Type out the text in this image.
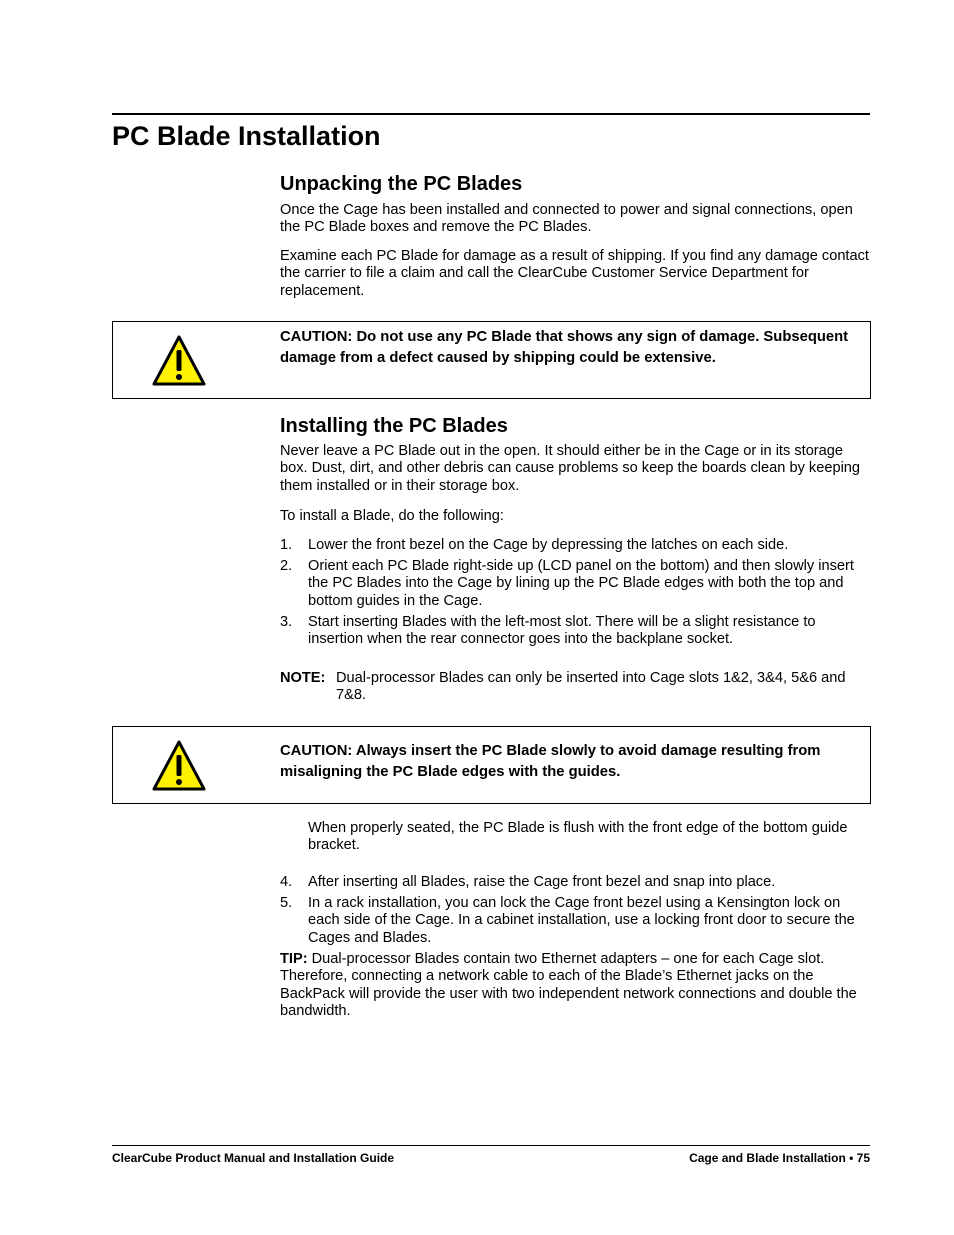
PC Blade Installation
Unpacking the PC Blades

Once the Cage has been installed and connected to power and signal connections, open the PC Blade boxes and remove the PC Blades.

Examine each PC Blade for damage as a result of shipping. If you find any damage contact the carrier to file a claim and call the ClearCube Customer Service Department for replacement.

CAUTION: Do not use any PC Blade that shows any sign of damage. Subsequent damage from a defect caused by shipping could be extensive.

Installing the PC Blades

Never leave a PC Blade out in the open. It should either be in the Cage or in its storage box. Dust, dirt, and other debris can cause problems so keep the boards clean by keeping them installed or in their storage box.

To install a Blade, do the following:

1. Lower the front bezel on the Cage by depressing the latches on each side.
2. Orient each PC Blade right-side up (LCD panel on the bottom) and then slowly insert the PC Blades into the Cage by lining up the PC Blade edges with both the top and bottom guides in the Cage.
3. Start inserting Blades with the left-most slot. There will be a slight resistance to insertion when the rear connector goes into the backplane socket.
NOTE: Dual-processor Blades can only be inserted into Cage slots 1&2, 3&4, 5&6 and 7&8.

CAUTION: Always insert the PC Blade slowly to avoid damage resulting from misaligning the PC Blade edges with the guides.

When properly seated, the PC Blade is flush with the front edge of the bottom guide bracket.

4. After inserting all Blades, raise the Cage front bezel and snap into place.
5. In a rack installation, you can lock the Cage front bezel using a Kensington lock on each side of the Cage. In a cabinet installation, use a locking front door to secure the Cages and Blades.

TIP: Dual-processor Blades contain two Ethernet adapters – one for each Cage slot. Therefore, connecting a network cable to each of the Blade’s Ethernet jacks on the BackPack will provide the user with two independent network connections and double the bandwidth.

ClearCube Product Manual and Installation Guide	Cage and Blade Installation • 75
